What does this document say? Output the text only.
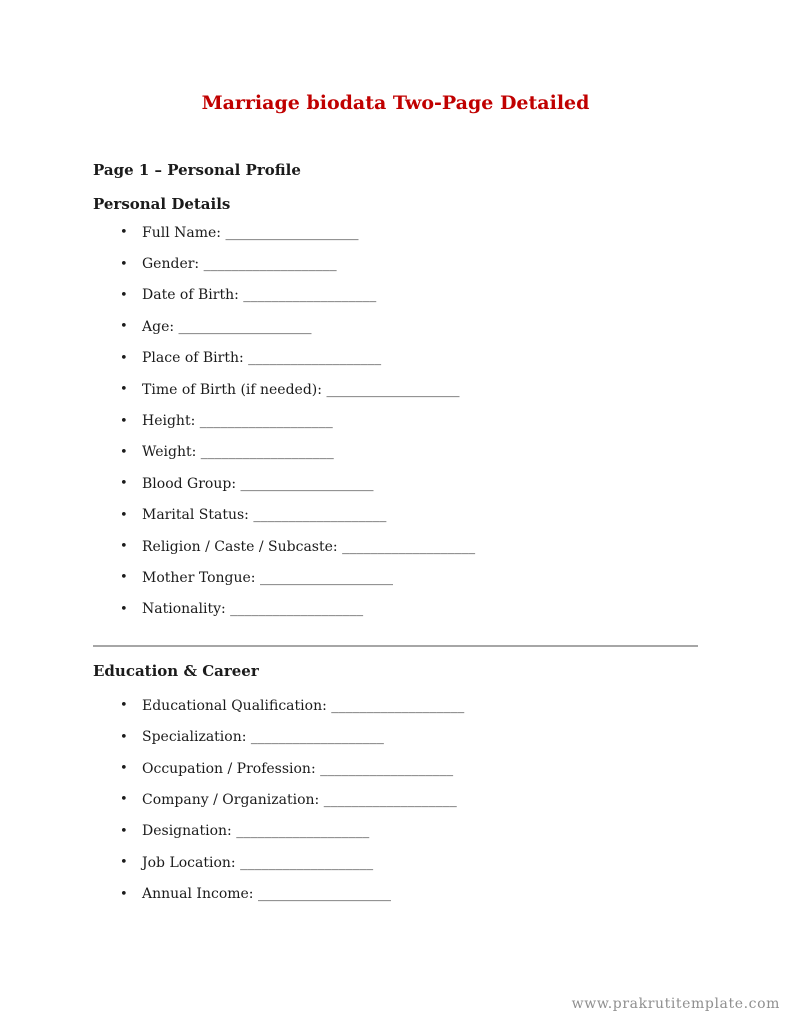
Marriage biodata Two-Page Detailed
Page 1 – Personal Profile
Personal Details
•	Full Name: ___________________
•	Gender: ___________________
•	Date of Birth: ___________________
•	Age: ___________________
•	Place of Birth: ___________________
•	Time of Birth (if needed): ___________________
•	Height: ___________________
•	Weight: ___________________
•	Blood Group: ___________________
•	Marital Status: ___________________
•	Religion / Caste / Subcaste: ___________________
•	Mother Tongue: ___________________
•	Nationality: ___________________
Education & Career
•	Educational Qualification: ___________________
•	Specialization: ___________________
•	Occupation / Profession: ___________________
•	Company / Organization: ___________________
•	Designation: ___________________
•	Job Location: ___________________
•	Annual Income: ___________________
www.prakrutitemplate.com
